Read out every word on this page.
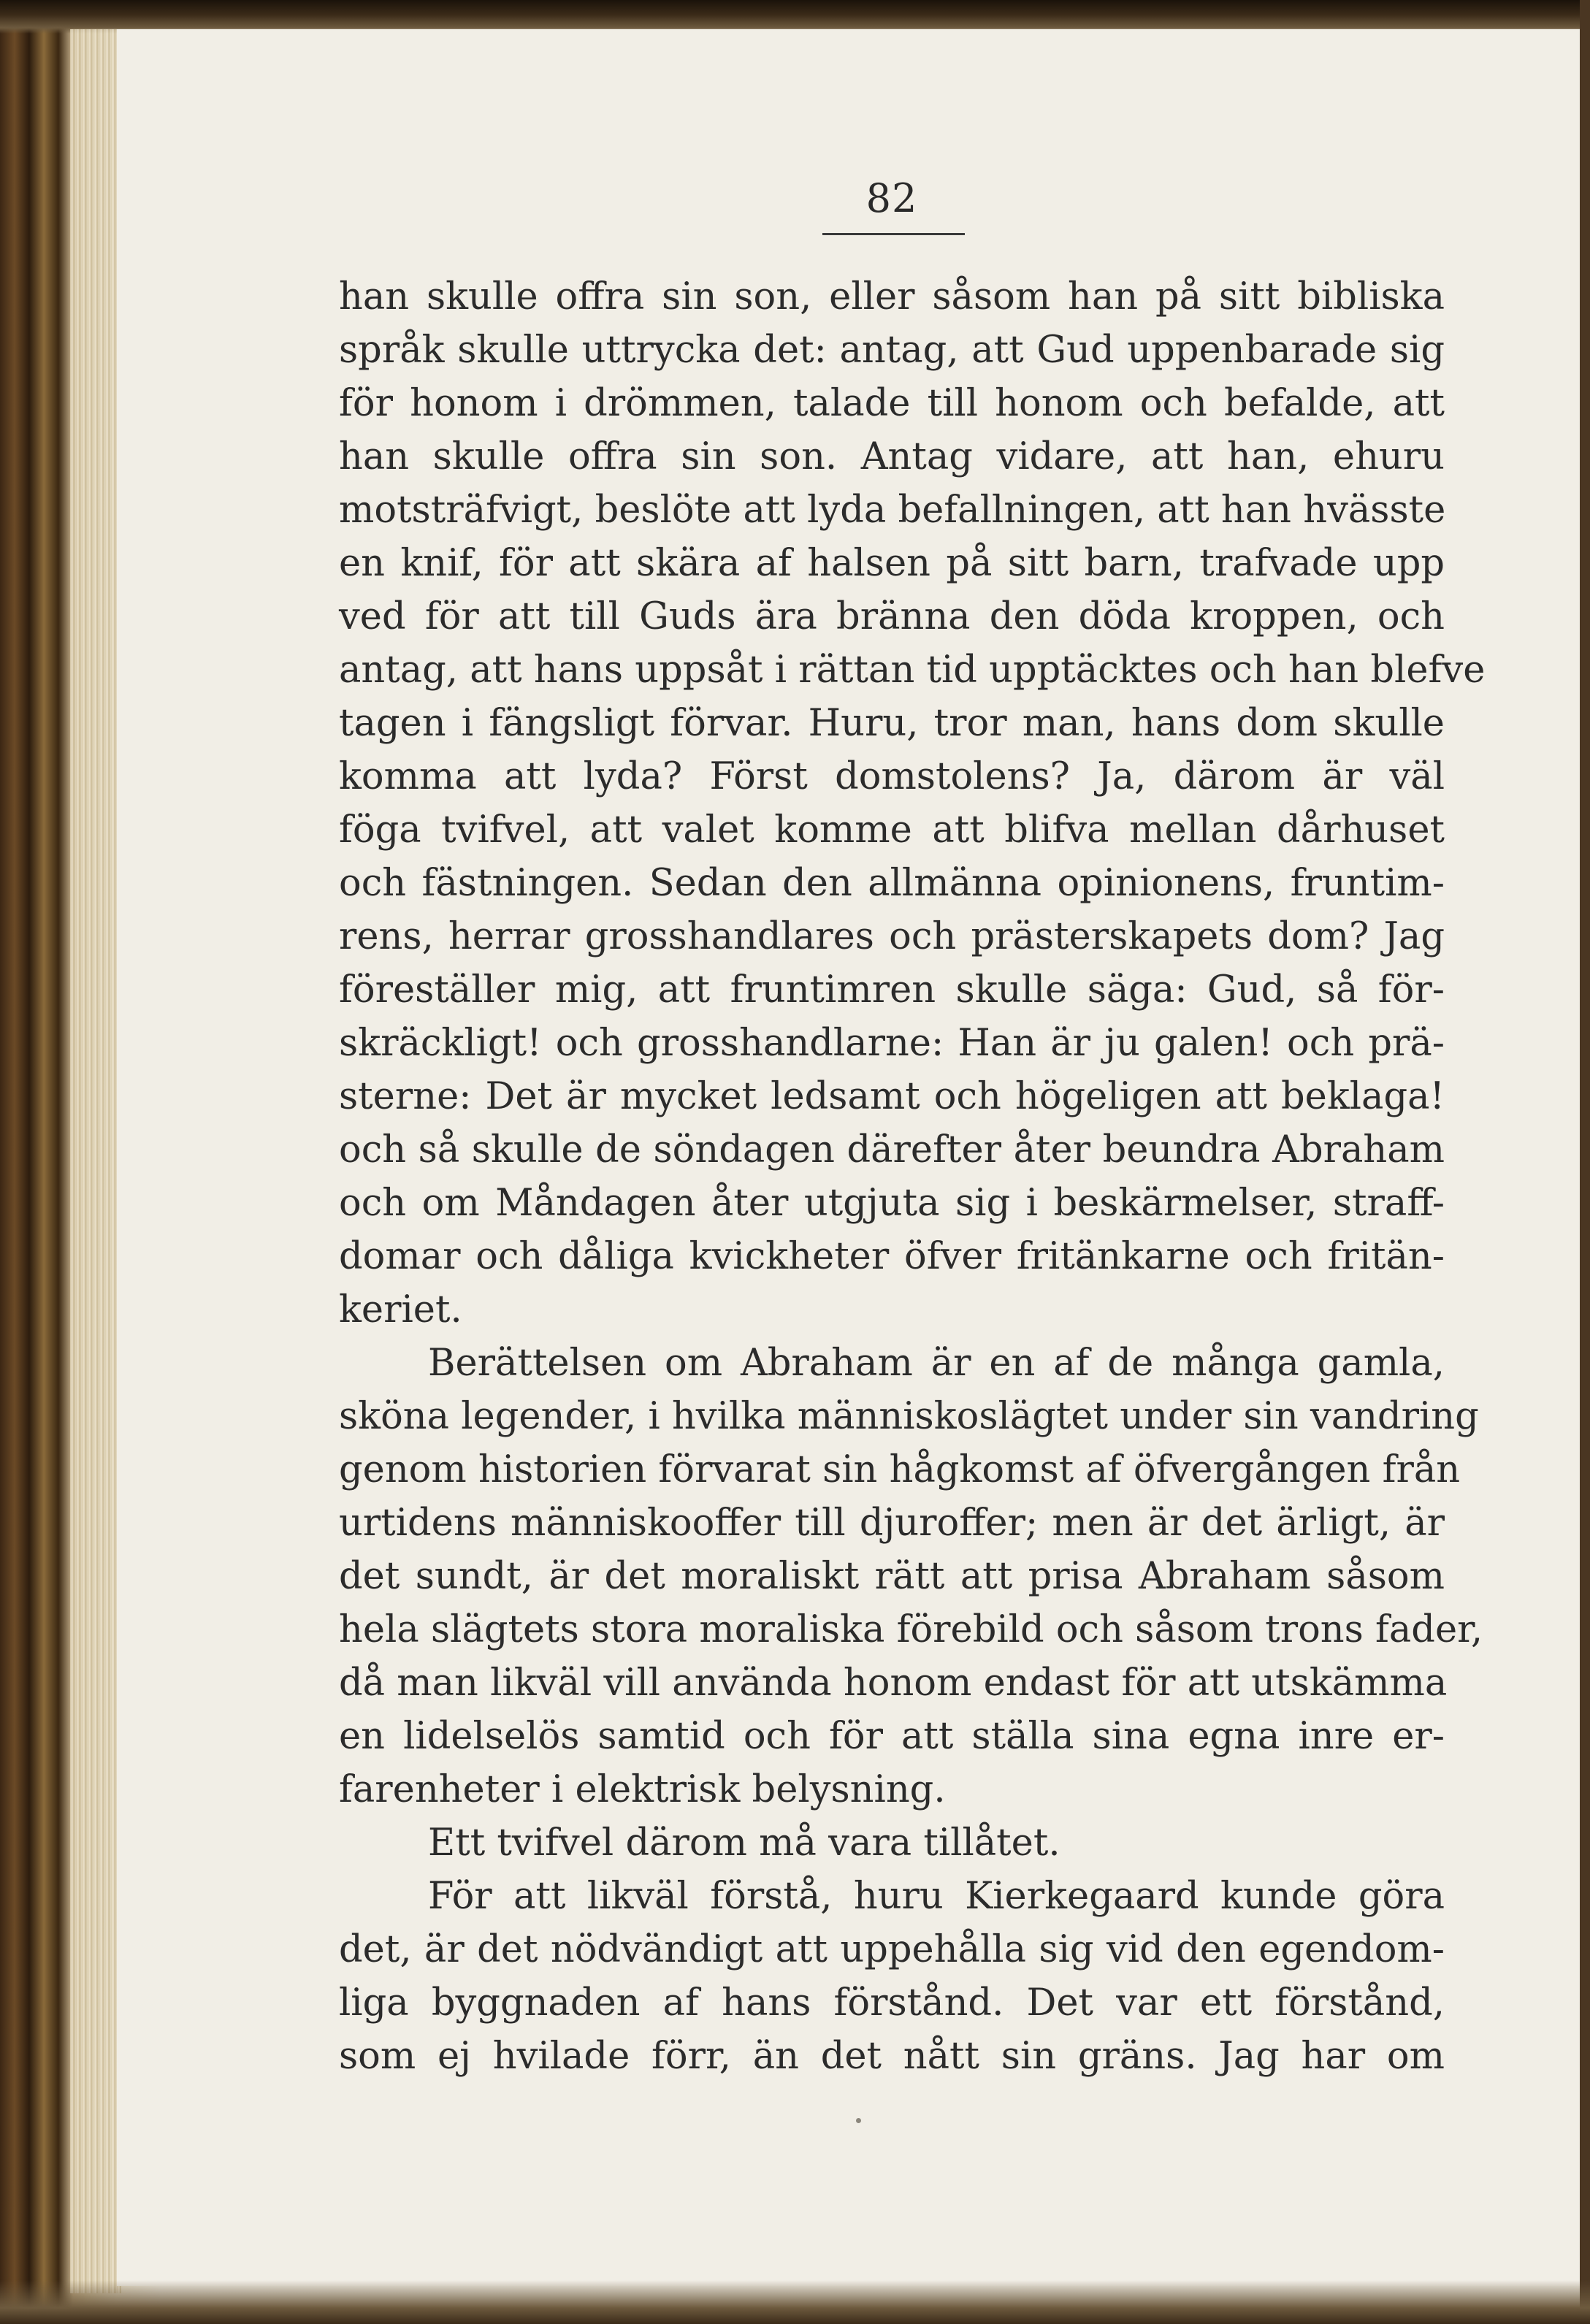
82
han skulle offra sin son, eller såsom han på sitt bibliska
språk skulle uttrycka det: antag, att Gud uppenbarade sig
för honom i drömmen, talade till honom och befalde, att
han skulle offra sin son. Antag vidare, att han, ehuru
motsträfvigt, beslöte att lyda befallningen, att han hvässte
en knif, för att skära af halsen på sitt barn, trafvade upp
ved för att till Guds ära bränna den döda kroppen, och
antag, att hans uppsåt i rättan tid upptäcktes och han blefve
tagen i fängsligt förvar. Huru, tror man, hans dom skulle
komma att lyda? Först domstolens? Ja, därom är väl
föga tvifvel, att valet komme att blifva mellan dårhuset
och fästningen. Sedan den allmänna opinionens, fruntim-
rens, herrar grosshandlares och prästerskapets dom? Jag
föreställer mig, att fruntimren skulle säga: Gud, så för-
skräckligt! och grosshandlarne: Han är ju galen! och prä-
sterne: Det är mycket ledsamt och högeligen att beklaga!
och så skulle de söndagen därefter åter beundra Abraham
och om Måndagen åter utgjuta sig i beskärmelser, straff-
domar och dåliga kvickheter öfver fritänkarne och fritän-
keriet.
Berättelsen om Abraham är en af de många gamla,
sköna legender, i hvilka människoslägtet under sin vandring
genom historien förvarat sin hågkomst af öfvergången från
urtidens människooffer till djuroffer; men är det ärligt, är
det sundt, är det moraliskt rätt att prisa Abraham såsom
hela slägtets stora moraliska förebild och såsom trons fader,
då man likväl vill använda honom endast för att utskämma
en lidelselös samtid och för att ställa sina egna inre er-
farenheter i elektrisk belysning.
Ett tvifvel därom må vara tillåtet.
För att likväl förstå, huru Kierkegaard kunde göra
det, är det nödvändigt att uppehålla sig vid den egendom-
liga byggnaden af hans förstånd. Det var ett förstånd,
som ej hvilade förr, än det nått sin gräns. Jag har om
